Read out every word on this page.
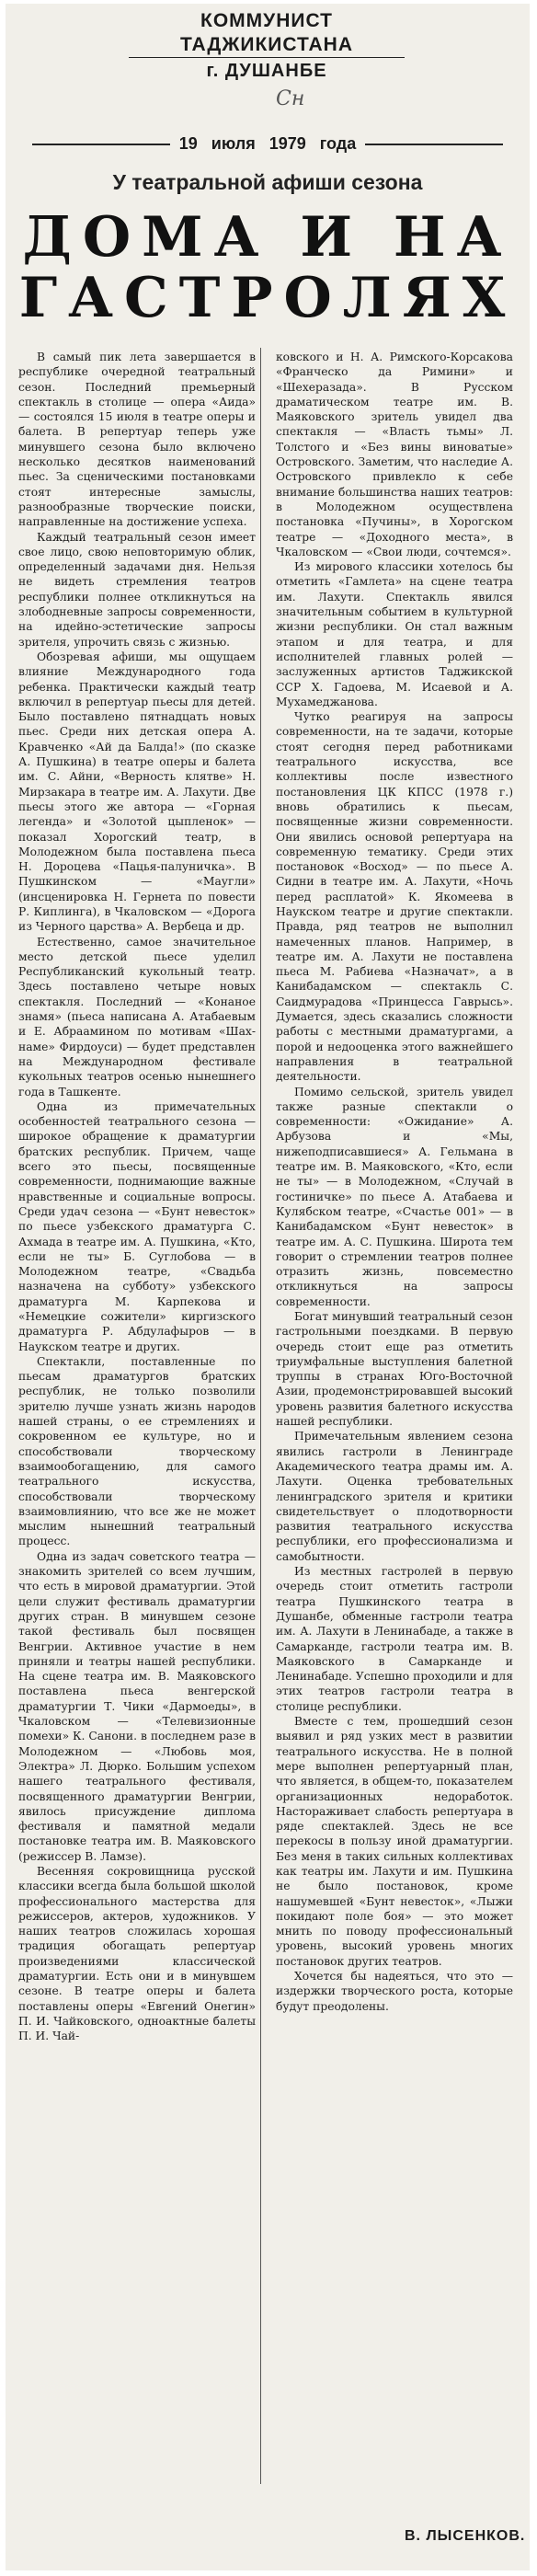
КОММУНИСТ ТАДЖИКИСТАНА
г. ДУШАНБЕ
Сн
19 июля 1979 года
У театральной афиши сезона
ДОМА И НА
ГАСТРОЛЯХ

В самый пик лета завершается в республике очередной театральный сезон. Последний премьерный спектакль в столице — опера «Аида» — состоялся 15 июля в театре оперы и балета. В репертуар теперь уже минувшего сезона было включено несколько десятков наименований пьес. За сценическими постановками стоят интересные замыслы, разнообразные творческие поиски, направленные на достижение успеха.

Каждый театральный сезон имеет свое лицо, свою неповторимую облик, определенный задачами дня. Нельзя не видеть стремления театров республики полнее откликнуться на злободневные запросы современности, на идейно-эстетические запросы зрителя, упрочить связь с жизнью.

Обозревая афиши, мы ощущаем влияние Международного года ребенка. Практически каждый театр включил в репертуар пьесы для детей. Было поставлено пятнадцать новых пьес. Среди них детская опера А. Кравченко «Ай да Балда!» (по сказке А. Пушкина) в театре оперы и балета им. С. Айни, «Верность клятве» Н. Мирзакара в театре им. А. Лахути. Две пьесы этого же автора — «Горная легенда» и «Золотой цыпленок» — показал Хорогский театр, в Молодежном была поставлена пьеса Н. Дороцева «Пацья-палуничка». В Пушкинском — «Маугли» (инсценировка Н. Гернета по повести Р. Киплинга), в Чкаловском — «Дорога из Черного царства» А. Вербеца и др.

Естественно, самое значительное место детской пьесе уделил Республиканский кукольный театр. Здесь поставлено четыре новых спектакля. Последний — «Конаное знамя» (пьеса написана А. Атабаевым и Е. Абраамином по мотивам «Шах-наме» Фирдоуси) — будет представлен на Международном фестивале кукольных театров осенью нынешнего года в Ташкенте.

Одна из примечательных особенностей театрального сезона — широкое обращение к драматургии братских республик. Причем, чаще всего это пьесы, посвященные современности, поднимающие важные нравственные и социальные вопросы. Среди удач сезона — «Бунт невесток» по пьесе узбекского драматурга С. Ахмада в театре им. А. Пушкина, «Кто, если не ты» Б. Суглобова — в Молодежном театре, «Свадьба назначена на субботу» узбекского драматурга М. Карпекова и «Немецкие сожители» киргизского драматурга Р. Абдулафыров — в Наукском театре и других.

Спектакли, поставленные по пьесам драматургов братских республик, не только позволили зрителю лучше узнать жизнь народов нашей страны, о ее стремлениях и сокровенном ее культуре, но и способствовали творческому взаимообогащению, для самого театрального искусства, способствовали творческому взаимовлиянию, что все же не может мыслим нынешний театральный процесс.

Одна из задач советского театра — знакомить зрителей со всем лучшим, что есть в мировой драматургии. Этой цели служит фестиваль драматургии других стран. В минувшем сезоне такой фестиваль был посвящен Венгрии. Активное участие в нем приняли и театры нашей республики. На сцене театра им. В. Маяковского поставлена пьеса венгерской драматургии Т. Чики «Дармоеды», в Чкаловском — «Телевизионные помехи» К. Санони. в последнем разе в Молодежном — «Любовь моя, Электра» Л. Дюрко. Большим успехом нашего театрального фестиваля, посвященного драматургии Венгрии, явилось присуждение диплома фестиваля и памятной медали постановке театра им. В. Маяковского (режиссер В. Ламзе).

Весенняя сокровищница русской классики всегда была большой школой профессионального мастерства для режиссеров, актеров, художников. У наших театров сложилась хорошая традиция обогащать репертуар произведениями классической драматургии. Есть они и в минувшем сезоне. В театре оперы и балета поставлены оперы «Евгений Онегин» П. И. Чайковского, однoактные балеты П. И. Чай-

ковского и Н. А. Римского-Корсакова «Франческо да Римини» и «Шехеразада». В Русском драматическом театре им. В. Маяковского зритель увидел два спектакля — «Власть тьмы» Л. Толстого и «Без вины виноватые» Островского. Заметим, что наследие А. Островского привлекло к себе внимание большинства наших театров: в Молодежном осуществлена постановка «Пучины», в Хорогском театре — «Доходного места», в Чкаловском — «Свои люди, сочтемся».

Из мирового классики хотелось бы отметить «Гамлета» на сцене театра им. Лахути. Спектакль явился значительным событием в культурной жизни республики. Он стал важным этапом и для театра, и для исполнителей главных ролей — заслуженных артистов Таджикской ССР Х. Гадоева, М. Исаевой и А. Мухамеджанова.

Чутко реагируя на запросы современности, на те задачи, которые стоят сегодня перед работниками театрального искусства, все коллективы после известного постановления ЦК КПСС (1978 г.) вновь обратились к пьесам, посвященные жизни современности. Они явились основой репертуара на современную тематику. Среди этих постановок «Восход» — по пьесе А. Сидни в театре им. А. Лахути, «Ночь перед расплатой» К. Якомеева в Наукском театре и другие спектакли. Правда, ряд театров не выполнил намеченных планов. Например, в театре им. А. Лахути не поставлена пьеса М. Рабиева «Назначат», а в Канибадамском — спектакль С. Саидмурадова «Принцесса Гаврысь». Думается, здесь сказались сложности работы с местными драматургами, а порой и недооценка этого важнейшего направления в театральной деятельности.

Помимо сельской, зритель увидел также разные спектакли о современности: «Ожидание» А. Арбузова и «Мы, нижеподписавшиеся» А. Гельмана в театре им. В. Маяковского, «Кто, если не ты» — в Молодежном, «Случай в гостиничке» по пьесе А. Атабаева и Кулябском театре, «Счастье 001» — в Канибадамском «Бунт невесток» в театре им. А. С. Пушкина. Широта тем говорит о стремлении театров полнее отразить жизнь, повсеместно откликнуться на запросы современности.

Богат минувший театральный сезон гастрольными поездками. В первую очередь стоит еще раз отметить триумфальные выступления балетной труппы в странах Юго-Восточной Азии, продемонстрировавшей высокий уровень развития балетного искусства нашей республики.

Примечательным явлением сезона явились гастроли в Ленинграде Академического театра драмы им. А. Лахути. Оценка требовательных ленинградского зрителя и критики свидетельствует о плодотворности развития театрального искусства республики, его профессионализма и самобытности.

Из местных гастролей в первую очередь стоит отметить гастроли театра Пушкинского театра в Душанбе, обменные гастроли театра им. А. Лахути в Ленинабаде, а также в Самарканде, гастроли театра им. В. Маяковского в Самарканде и Ленинабаде. Успешно проходили и для этих театров гастроли театра в столице республики.

Вместе с тем, прошедший сезон выявил и ряд узких мест в развитии театрального искусства. Не в полной мере выполнен репертуарный план, что является, в общем-то, показателем организационных недоработок. Настораживает слабость репертуара в ряде спектаклей. Здесь не все перекосы в пользу иной драматургии. Без меня в таких сильных коллективах как театры им. Лахути и им. Пушкина не было постановок, кроме нашумевшей «Бунт невесток», «Лыжи покидают поле боя» — это может мнить по поводу профессиональный уровень, высокий уровень многих постановок других театров.

Хочется бы надеяться, что это — издержки творческого роста, которые будут преодолены.

В. ЛЫСЕНКОВ.
